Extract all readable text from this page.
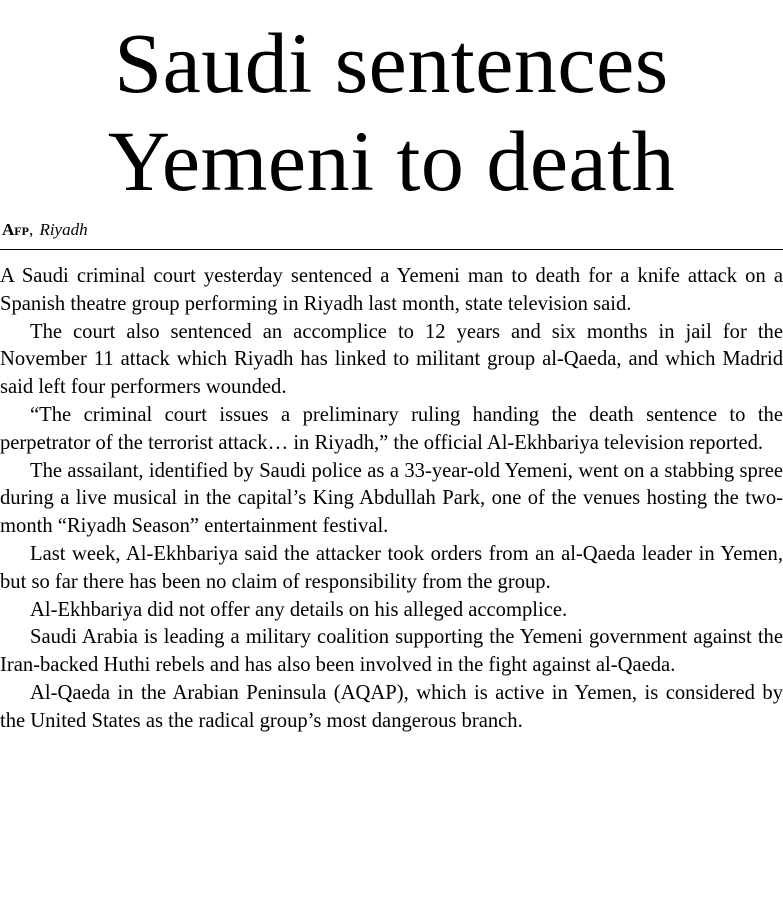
Saudi sentences
Yemeni to death
Afp, Riyadh

A Saudi criminal court yesterday sentenced a Yemeni man to death for a knife attack on a Spanish theatre group performing in Riyadh last month, state television said.

The court also sentenced an accomplice to 12 years and six months in jail for the November 11 attack which Riyadh has linked to militant group al-Qaeda, and which Madrid said left four performers wounded.

“The criminal court issues a preliminary ruling handing the death sentence to the perpetrator of the terrorist attack… in Riyadh,” the official Al-Ekhbariya television reported.

The assailant, identified by Saudi police as a 33-year-old Yemeni, went on a stabbing spree during a live musical in the capital’s King Abdullah Park, one of the venues hosting the two-month “Riyadh Season” entertainment festival.

Last week, Al-Ekhbariya said the attacker took orders from an al-Qaeda leader in Yemen, but so far there has been no claim of responsibility from the group.

Al-Ekhbariya did not offer any details on his alleged accomplice.

Saudi Arabia is leading a military coalition supporting the Yemeni government against the Iran-backed Huthi rebels and has also been involved in the fight against al-Qaeda.

Al-Qaeda in the Arabian Peninsula (AQAP), which is active in Yemen, is considered by the United States as the radical group’s most dangerous branch.
